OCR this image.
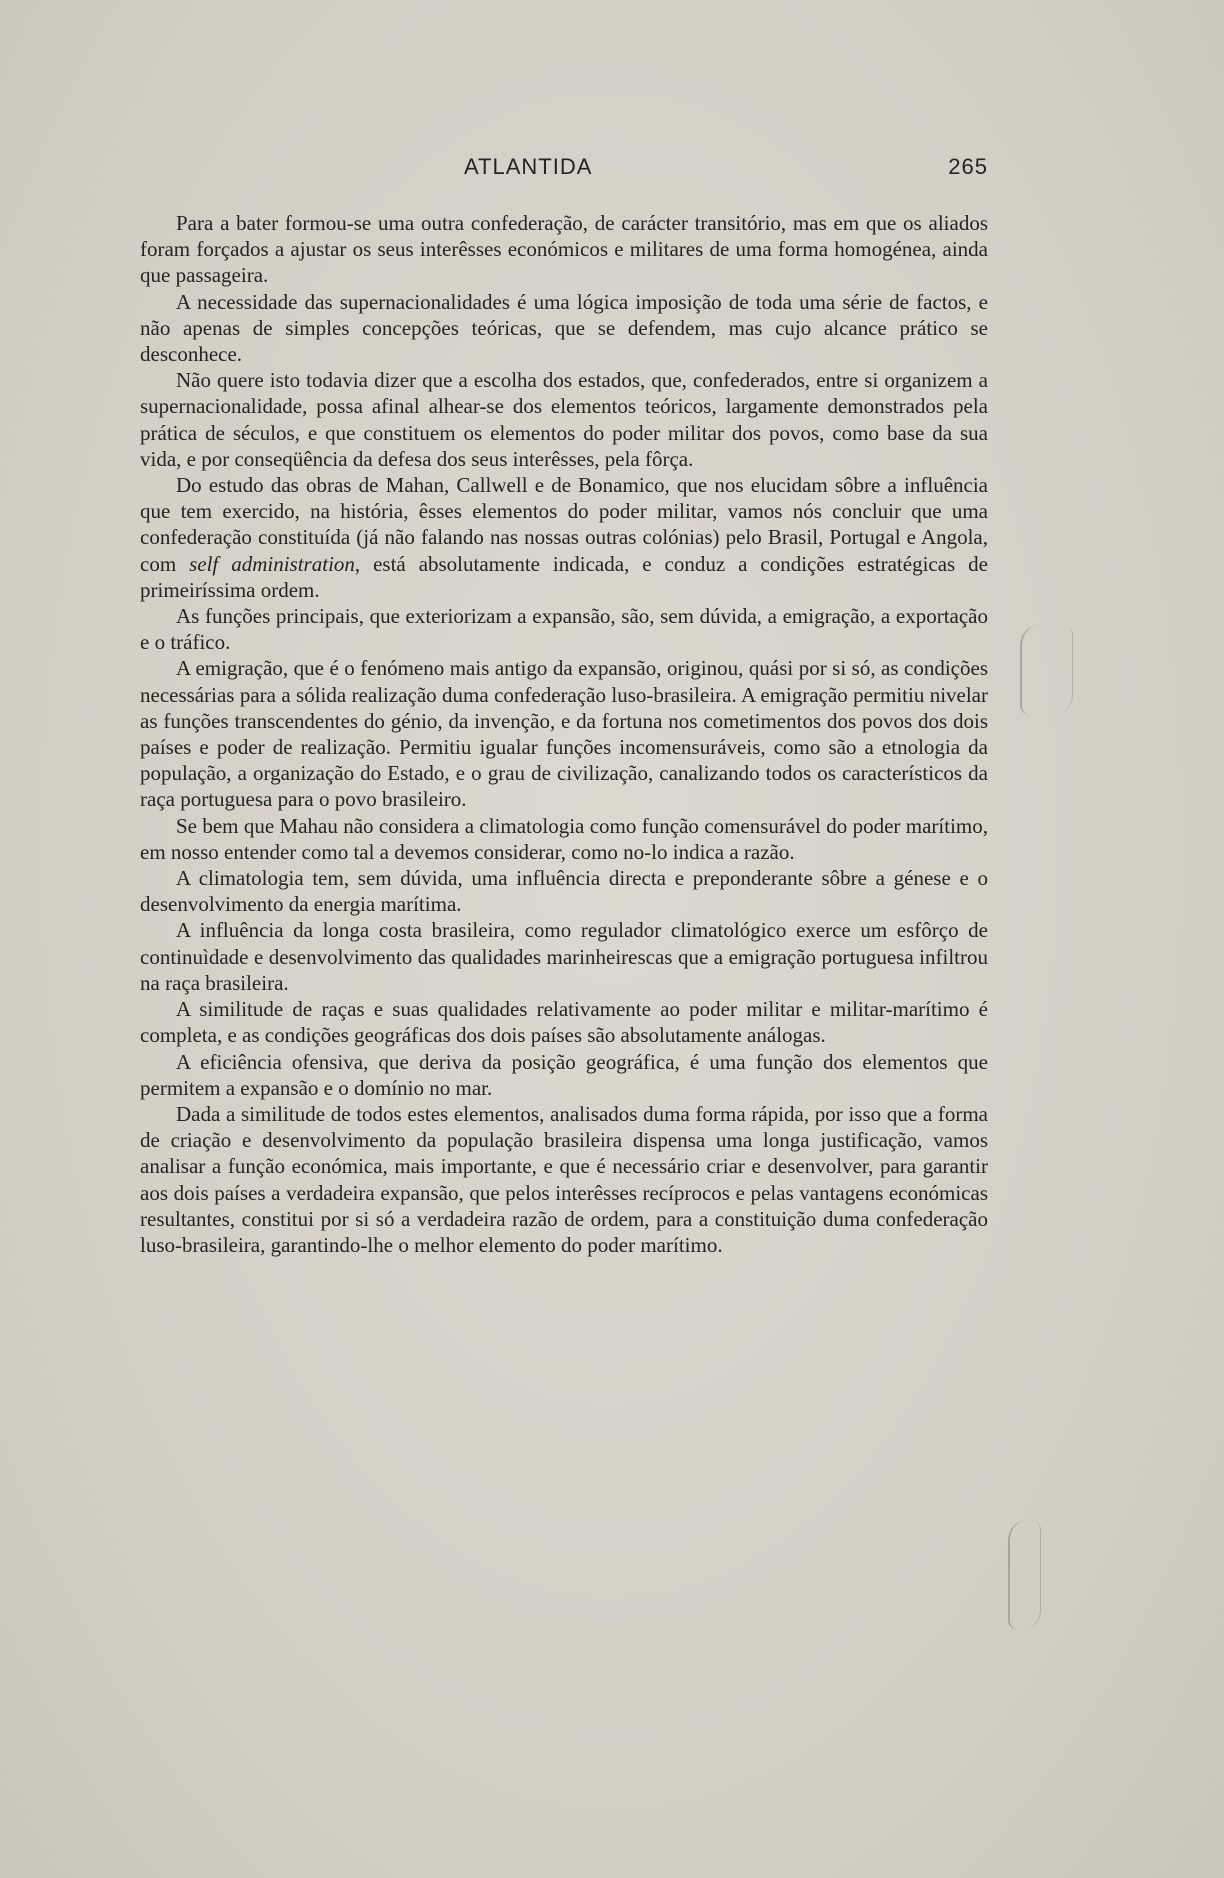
ATLANTIDA	265

Para a bater formou-se uma outra confederação, de carácter transitório, mas em que os aliados foram forçados a ajustar os seus interêsses económicos e militares de uma forma homogénea, ainda que passageira.

A necessidade das supernacionalidades é uma lógica imposição de toda uma série de factos, e não apenas de simples concepções teóricas, que se defendem, mas cujo alcance prático se desconhece.

Não quere isto todavia dizer que a escolha dos estados, que, confederados, entre si organizem a supernacionalidade, possa afinal alhear-se dos elementos teóricos, largamente demonstrados pela prática de séculos, e que constituem os elementos do poder militar dos povos, como base da sua vida, e por conseqüência da defesa dos seus interêsses, pela fôrça.

Do estudo das obras de Mahan, Callwell e de Bonamico, que nos elucidam sôbre a influência que tem exercido, na história, êsses elementos do poder militar, vamos nós concluir que uma confederação constituída (já não falando nas nossas outras colónias) pelo Brasil, Portugal e Angola, com self administration, está absolutamente indicada, e conduz a condições estratégicas de primeiríssima ordem.

As funções principais, que exteriorizam a expansão, são, sem dúvida, a emigração, a exportação e o tráfico.

A emigração, que é o fenómeno mais antigo da expansão, originou, quási por si só, as condições necessárias para a sólida realização duma confederação luso-brasileira. A emigração permitiu nivelar as funções transcendentes do génio, da invenção, e da fortuna nos cometimentos dos povos dos dois países e poder de realização. Permitiu igualar funções incomensuráveis, como são a etnologia da população, a organização do Estado, e o grau de civilização, canalizando todos os característicos da raça portuguesa para o povo brasileiro.

Se bem que Mahau não considera a climatologia como função comensurável do poder marítimo, em nosso entender como tal a devemos considerar, como no-lo indica a razão.

A climatologia tem, sem dúvida, uma influência directa e preponderante sôbre a génese e o desenvolvimento da energia marítima.

A influência da longa costa brasileira, como regulador climatológico exerce um esfôrço de continuìdade e desenvolvimento das qualidades marinheirescas que a emigração portuguesa infiltrou na raça brasileira.

A similitude de raças e suas qualidades relativamente ao poder militar e militar-marítimo é completa, e as condições geográficas dos dois países são absolutamente análogas.

A eficiência ofensiva, que deriva da posição geográfica, é uma função dos elementos que permitem a expansão e o domínio no mar.

Dada a similitude de todos estes elementos, analisados duma forma rápida, por isso que a forma de criação e desenvolvimento da população brasileira dispensa uma longa justificação, vamos analisar a função económica, mais importante, e que é necessário criar e desenvolver, para garantir aos dois países a verdadeira expansão, que pelos interêsses recíprocos e pelas vantagens económicas resultantes, constitui por si só a verdadeira razão de ordem, para a constituição duma confederação luso-brasileira, garantindo-lhe o melhor elemento do poder marítimo.
